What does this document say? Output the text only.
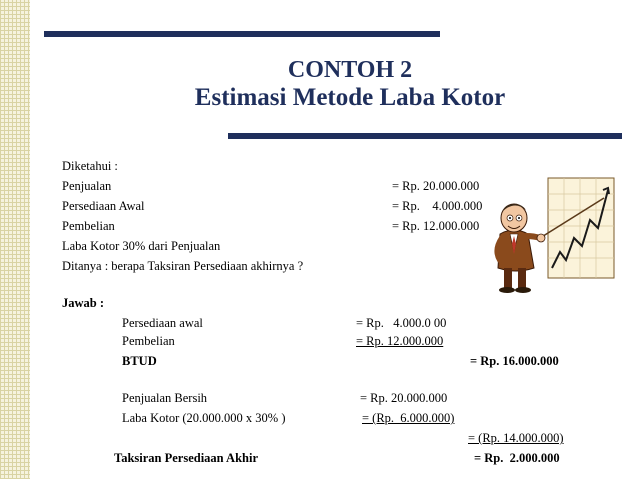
CONTOH 2
Estimasi Metode Laba Kotor
Diketahui :
Penjualan	= Rp. 20.000.000
Persediaan Awal	= Rp.    4.000.000
Pembelian	= Rp. 12.000.000
Laba Kotor 30% dari Penjualan
Ditanya : berapa Taksiran Persediaan akhirnya ?
Jawab :
Persediaan awal	= Rp.   4.000.0 00
Pembelian	= Rp. 12.000.000
BTUD	= Rp. 16.000.000
Penjualan Bersih	= Rp. 20.000.000
Laba Kotor (20.000.000 x 30% )	= (Rp.  6.000.000)
= (Rp. 14.000.000)
Taksiran Persediaan Akhir	= Rp.  2.000.000
